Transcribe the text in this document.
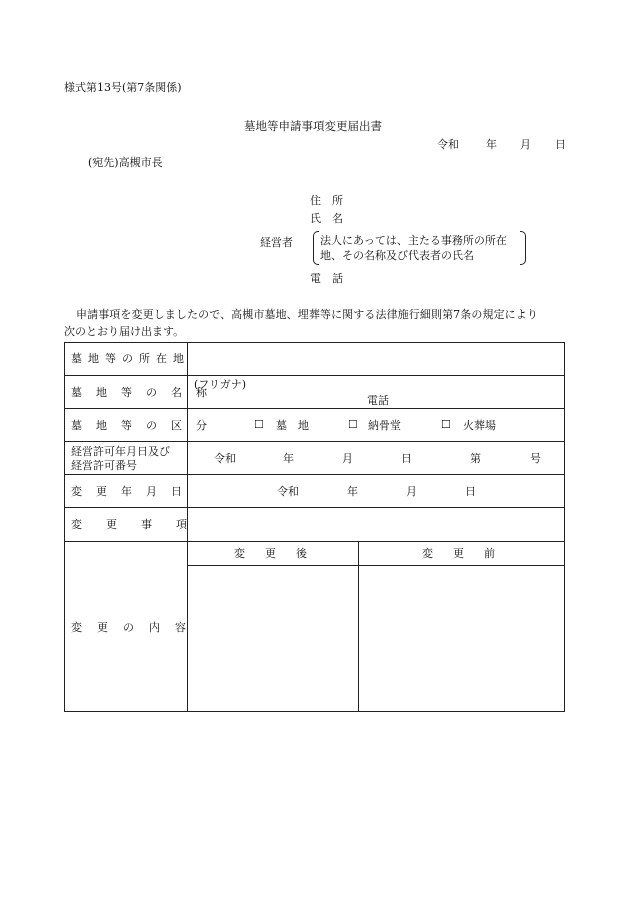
様式第13号(第7条関係)
墓地等申請事項変更届出書
令和 年 月 日
(宛先)高槻市長
住　所
氏　名
経営者 法人にあっては、主たる事務所の所在
地、その名称及び代表者の氏名
電　話
申請事項を変更しましたので、高槻市墓地、埋葬等に関する法律施行細則第7条の規定により
次のとおり届け出ます。
墓地等の所在地
墓地等の名称
(フリガナ)
電話
墓地等の区分	☐ 墓　地	☐ 納骨堂	☐ 火葬場
経営許可年月日及び
経営許可番号
令和	年	月	日	第	号
変更年月日	令和	年	月	日
変更事項
変更の内容
変更後	変更前
